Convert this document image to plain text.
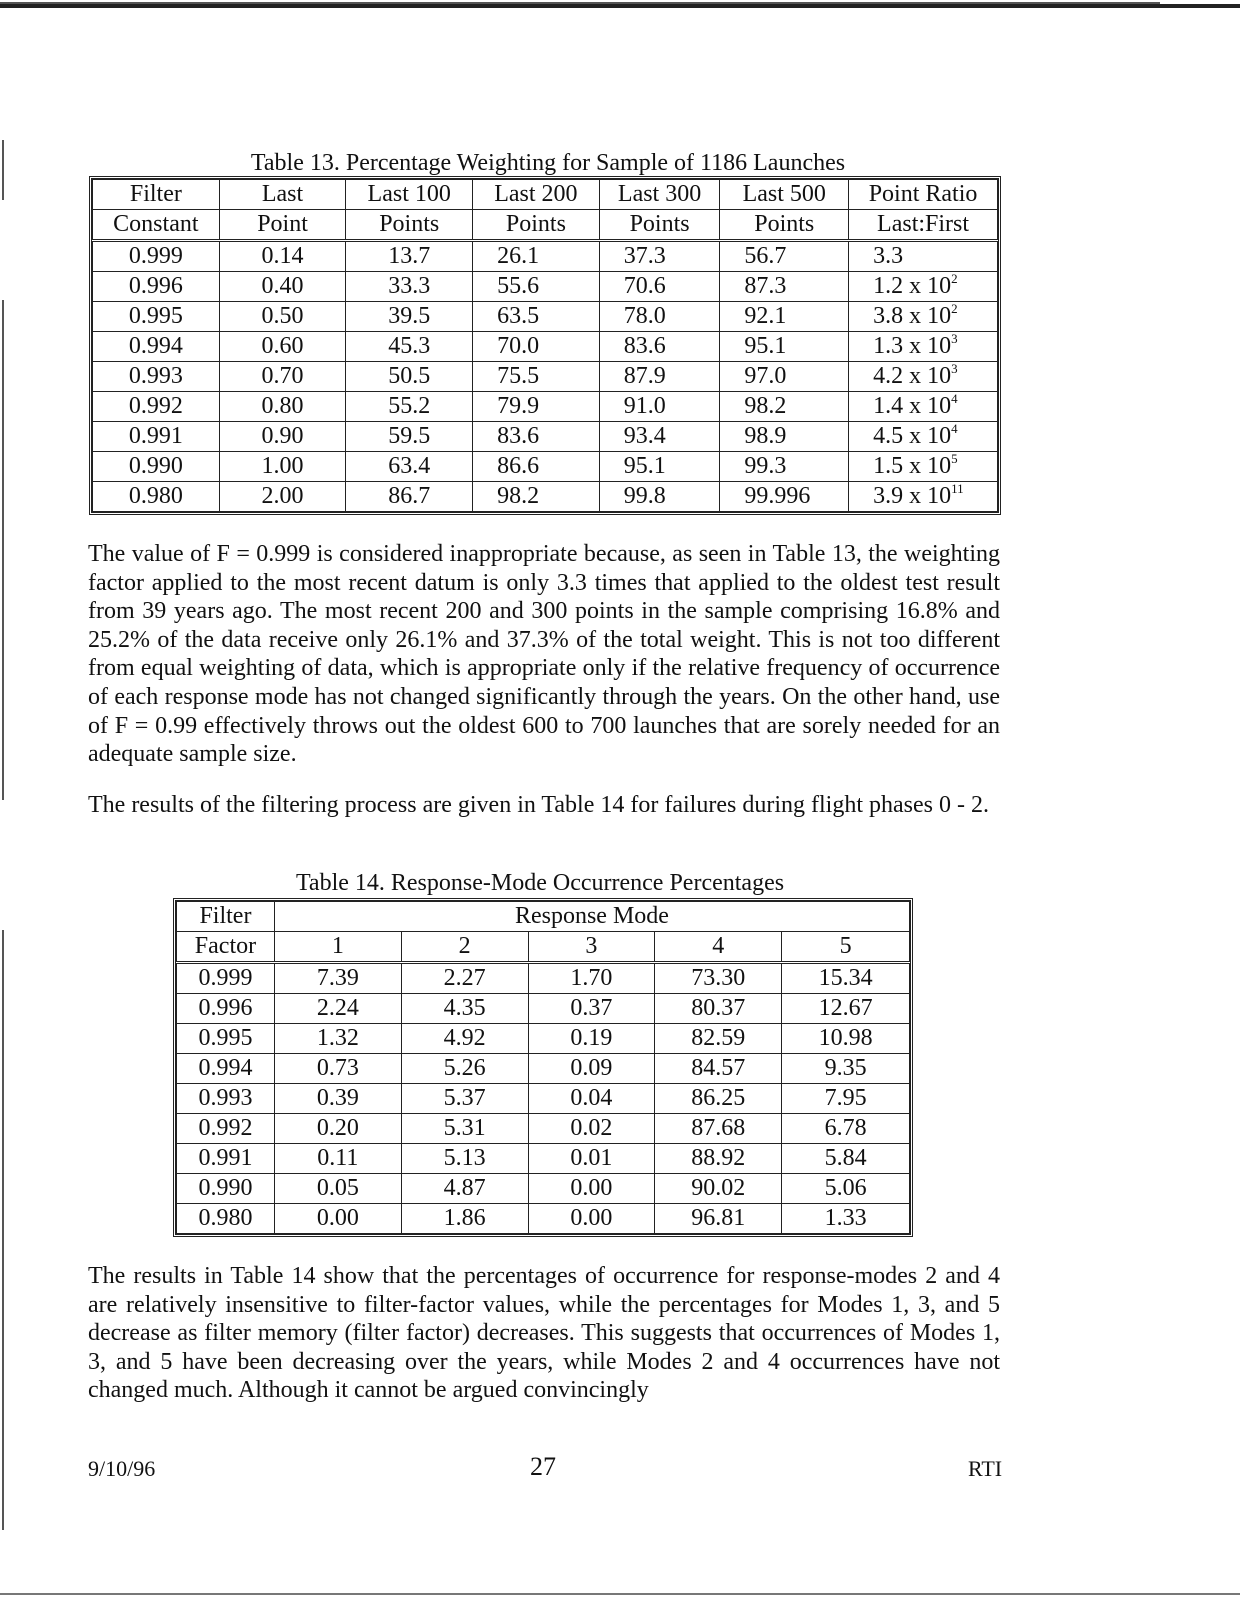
Table 13. Percentage Weighting for Sample of 1186 Launches
Filter	Last	Last 100	Last 200	Last 300	Last 500	Point Ratio
Constant	Point	Points	Points	Points	Points	Last:First
0.999	0.14	13.7	26.1	37.3	56.7	3.3
0.996	0.40	33.3	55.6	70.6	87.3	1.2 x $10^2$
0.995	0.50	39.5	63.5	78.0	92.1	3.8 x $10^2$
0.994	0.60	45.3	70.0	83.6	95.1	1.3 x $10^3$
0.993	0.70	50.5	75.5	87.9	97.0	4.2 x $10^3$
0.992	0.80	55.2	79.9	91.0	98.2	1.4 x $10^4$
0.991	0.90	59.5	83.6	93.4	98.9	4.5 x $10^4$
0.990	1.00	63.4	86.6	95.1	99.3	1.5 x $10^5$
0.980	2.00	86.7	98.2	99.8	99.996	3.9 x $10^{11}$
The value of F = 0.999 is considered inappropriate because, as seen in Table 13, the weighting factor applied to the most recent datum is only 3.3 times that applied to the oldest test result from 39 years ago. The most recent 200 and 300 points in the sample comprising 16.8% and 25.2% of the data receive only 26.1% and 37.3% of the total weight. This is not too different from equal weighting of data, which is appropriate only if the relative frequency of occurrence of each response mode has not changed significantly through the years. On the other hand, use of F = 0.99 effectively throws out the oldest 600 to 700 launches that are sorely needed for an adequate sample size.
The results of the filtering process are given in Table 14 for failures during flight phases 0 - 2.
Table 14. Response-Mode Occurrence Percentages
Filter	Response Mode				
Factor	1	2	3	4	5
0.999	7.39	2.27	1.70	73.30	15.34
0.996	2.24	4.35	0.37	80.37	12.67
0.995	1.32	4.92	0.19	82.59	10.98
0.994	0.73	5.26	0.09	84.57	9.35
0.993	0.39	5.37	0.04	86.25	7.95
0.992	0.20	5.31	0.02	87.68	6.78
0.991	0.11	5.13	0.01	88.92	5.84
0.990	0.05	4.87	0.00	90.02	5.06
0.980	0.00	1.86	0.00	96.81	1.33
The results in Table 14 show that the percentages of occurrence for response-modes 2 and 4 are relatively insensitive to filter-factor values, while the percentages for Modes 1, 3, and 5 decrease as filter memory (filter factor) decreases. This suggests that occurrences of Modes 1, 3, and 5 have been decreasing over the years, while Modes 2 and 4 occurrences have not changed much. Although it cannot be argued convincingly
9/10/96	27	RTI
